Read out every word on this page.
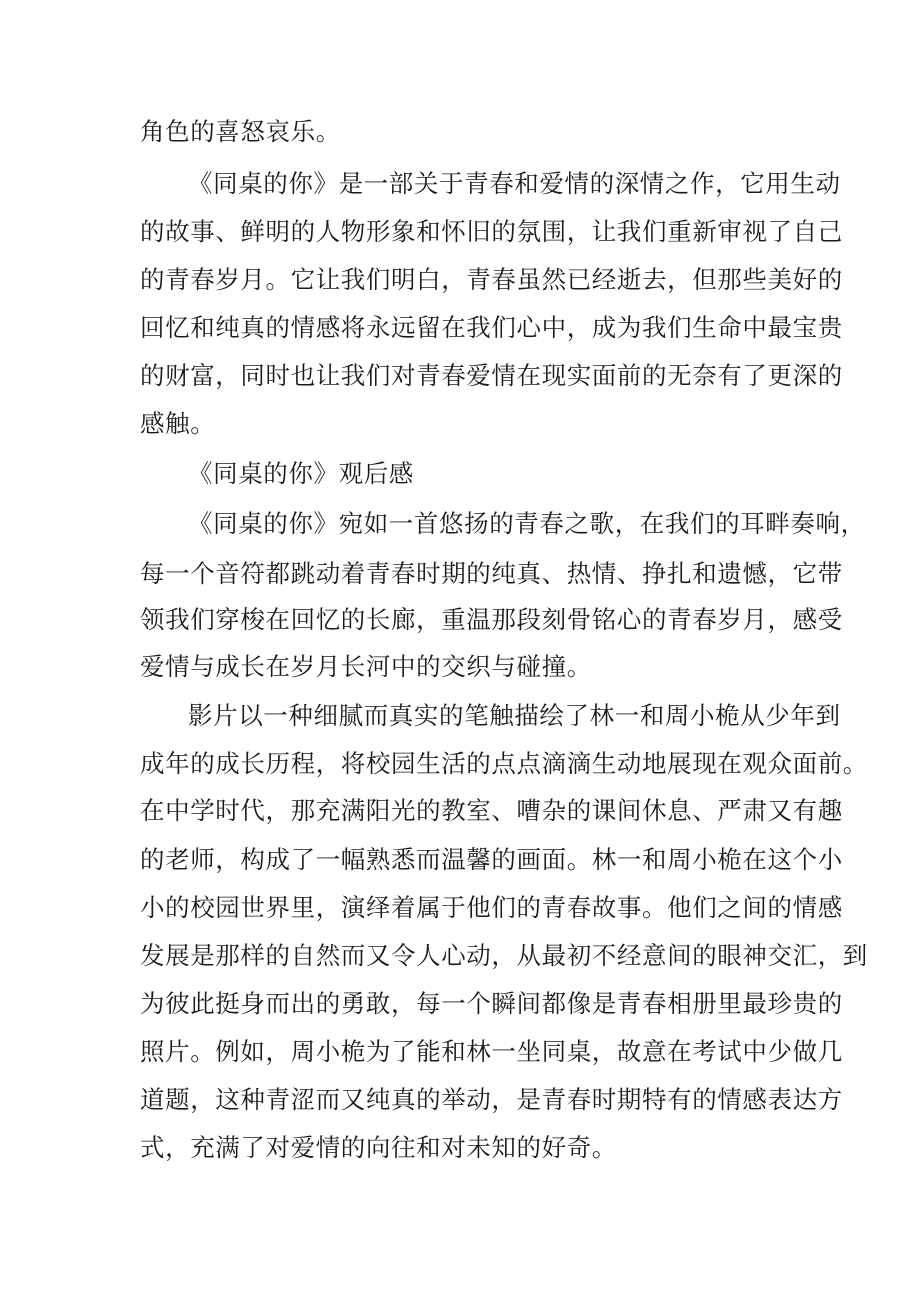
角色的喜怒哀乐。
《同桌的你》是一部关于青春和爱情的深情之作，它用生动
的故事、鲜明的人物形象和怀旧的氛围，让我们重新审视了自己
的青春岁月。它让我们明白，青春虽然已经逝去，但那些美好的
回忆和纯真的情感将永远留在我们心中，成为我们生命中最宝贵
的财富，同时也让我们对青春爱情在现实面前的无奈有了更深的
感触。
《同桌的你》观后感
《同桌的你》宛如一首悠扬的青春之歌，在我们的耳畔奏响，
每一个音符都跳动着青春时期的纯真、热情、挣扎和遗憾，它带
领我们穿梭在回忆的长廊，重温那段刻骨铭心的青春岁月，感受
爱情与成长在岁月长河中的交织与碰撞。
影片以一种细腻而真实的笔触描绘了林一和周小桅从少年到
成年的成长历程，将校园生活的点点滴滴生动地展现在观众面前。
在中学时代，那充满阳光的教室、嘈杂的课间休息、严肃又有趣
的老师，构成了一幅熟悉而温馨的画面。林一和周小桅在这个小
小的校园世界里，演绎着属于他们的青春故事。他们之间的情感
发展是那样的自然而又令人心动，从最初不经意间的眼神交汇，到
为彼此挺身而出的勇敢，每一个瞬间都像是青春相册里最珍贵的
照片。例如，周小桅为了能和林一坐同桌，故意在考试中少做几
道题，这种青涩而又纯真的举动，是青春时期特有的情感表达方
式，充满了对爱情的向往和对未知的好奇。
